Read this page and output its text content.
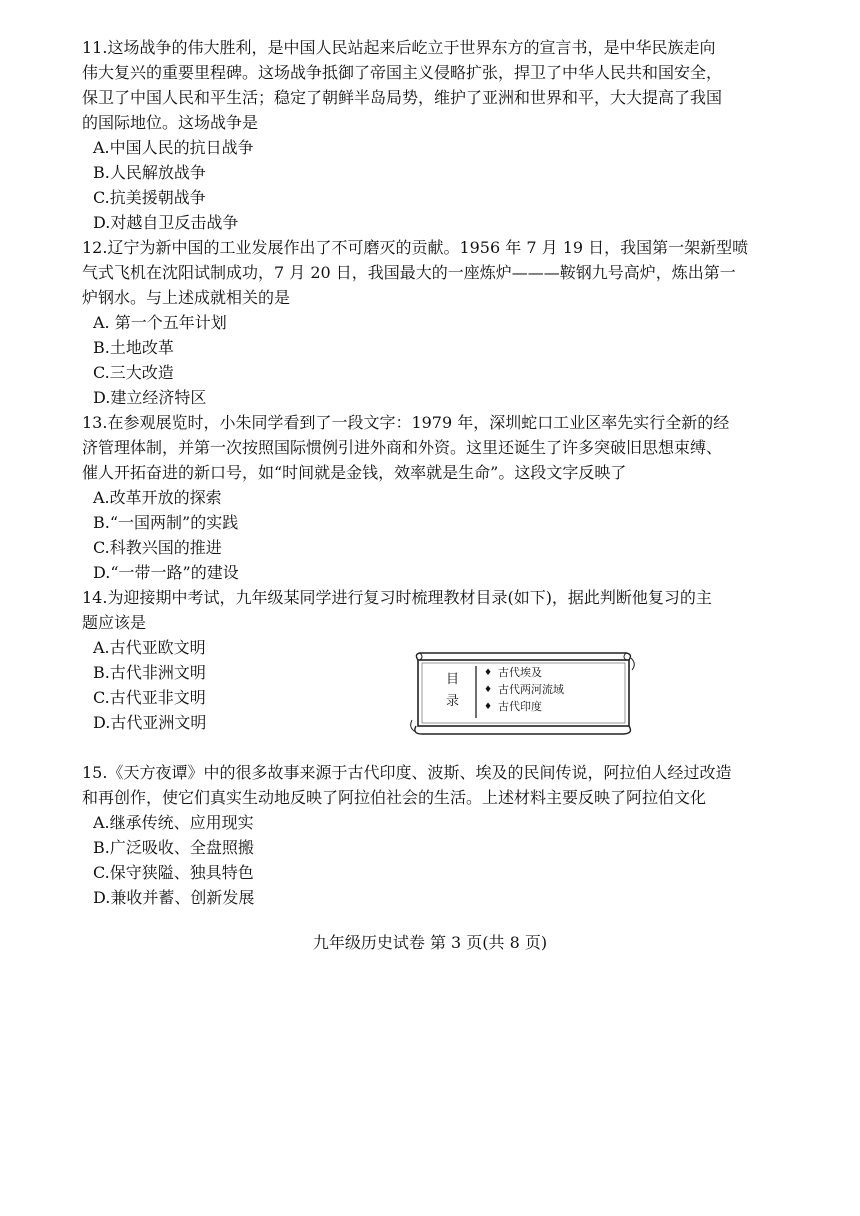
11.这场战争的伟大胜利，是中国人民站起来后屹立于世界东方的宣言书，是中华民族走向
伟大复兴的重要里程碑。这场战争抵御了帝国主义侵略扩张，捍卫了中华人民共和国安全，
保卫了中国人民和平生活；稳定了朝鲜半岛局势，维护了亚洲和世界和平，大大提高了我国
的国际地位。这场战争是
A.中国人民的抗日战争
B.人民解放战争
C.抗美援朝战争
D.对越自卫反击战争
12.辽宁为新中国的工业发展作出了不可磨灭的贡献。1956 年 7 月 19 日，我国第一架新型喷
气式飞机在沈阳试制成功，7 月 20 日，我国最大的一座炼炉———鞍钢九号高炉，炼出第一
炉钢水。与上述成就相关的是
A. 第一个五年计划
B.土地改革
C.三大改造
D.建立经济特区
13.在参观展览时，小朱同学看到了一段文字：1979 年，深圳蛇口工业区率先实行全新的经
济管理体制，并第一次按照国际惯例引进外商和外资。这里还诞生了许多突破旧思想束缚、
催人开拓奋进的新口号，如“时间就是金钱，效率就是生命”。这段文字反映了
A.改革开放的探索
B.“一国两制”的实践
C.科教兴国的推进
D.“一带一路”的建设
14.为迎接期中考试，九年级某同学进行复习时梳理教材目录(如下)，据此判断他复习的主
题应该是
A.古代亚欧文明
B.古代非洲文明
C.古代亚非文明
D.古代亚洲文明
目
录
♦ 古代埃及
♦ 古代两河流域
♦ 古代印度
15.《天方夜谭》中的很多故事来源于古代印度、波斯、埃及的民间传说，阿拉伯人经过改造
和再创作，使它们真实生动地反映了阿拉伯社会的生活。上述材料主要反映了阿拉伯文化
A.继承传统、应用现实
B.广泛吸收、全盘照搬
C.保守狭隘、独具特色
D.兼收并蓄、创新发展
九年级历史试卷 第 3 页(共 8 页)
